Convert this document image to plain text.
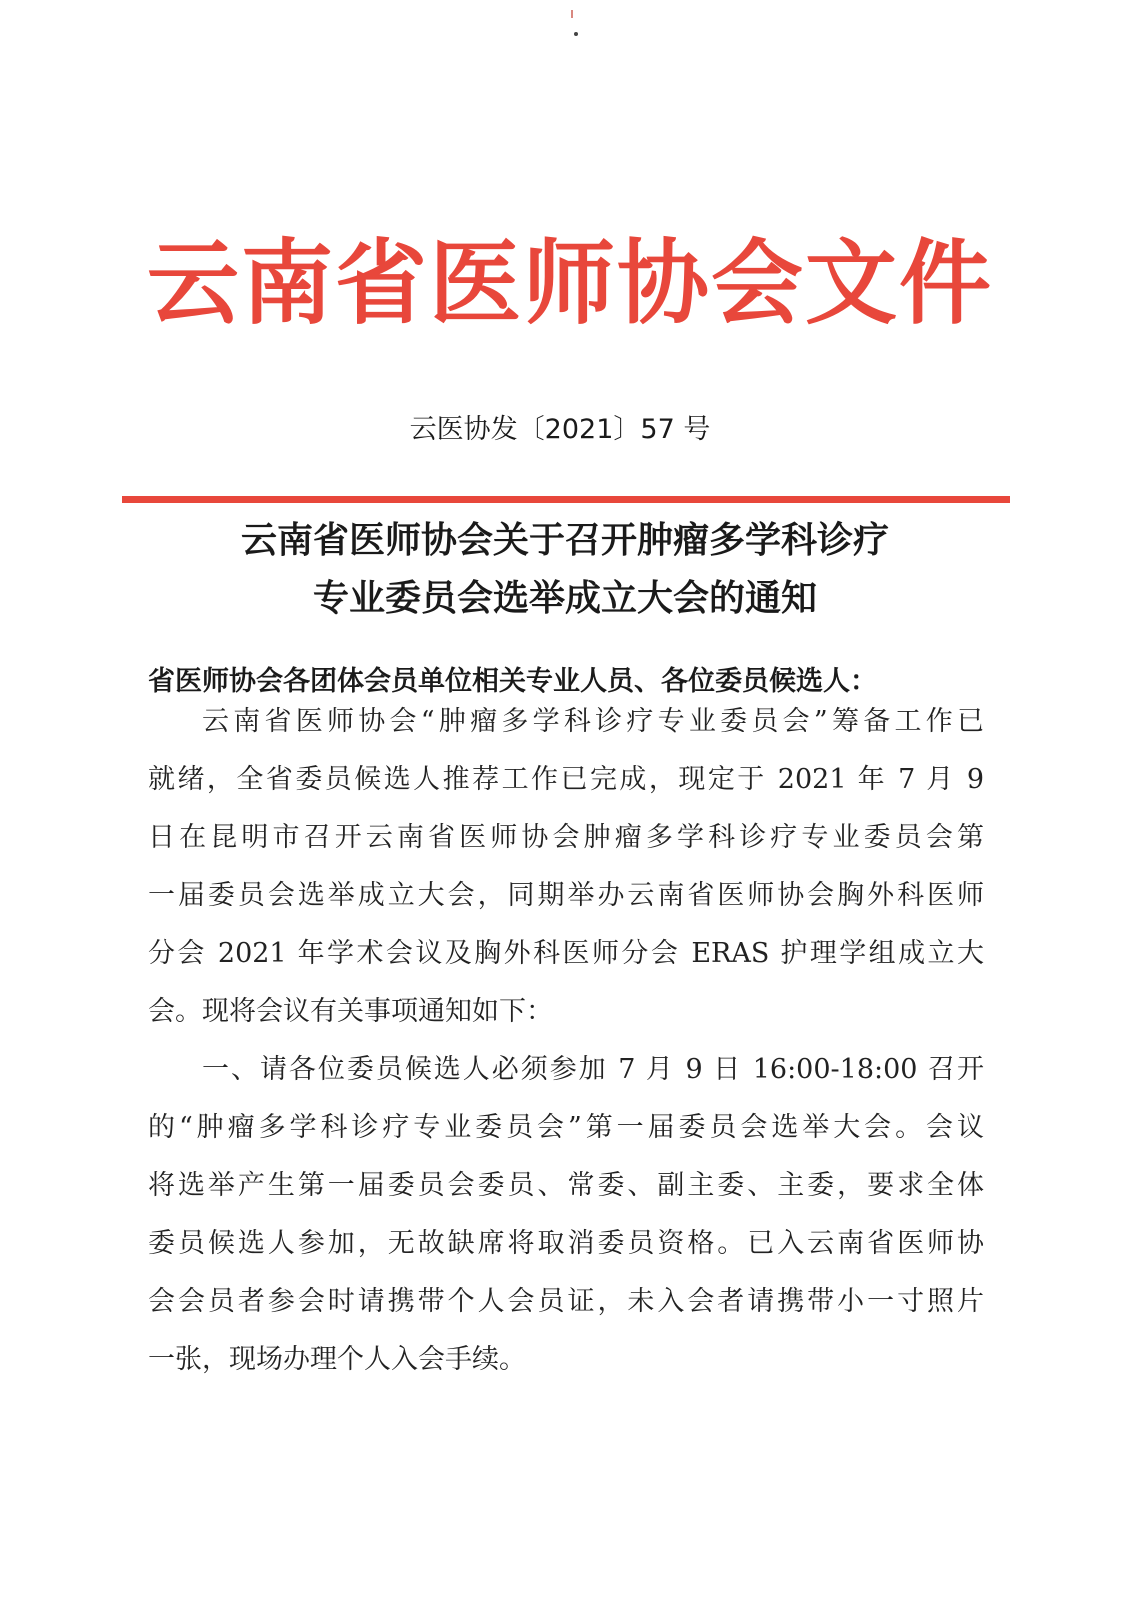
云南省医师协会文件
云医协发〔2021〕57 号
云南省医师协会关于召开肿瘤多学科诊疗
专业委员会选举成立大会的通知
省医师协会各团体会员单位相关专业人员、各位委员候选人：
云南省医师协会“肿瘤多学科诊疗专业委员会”筹备工作已
就绪，全省委员候选人推荐工作已完成，现定于 2021 年 7 月 9
日在昆明市召开云南省医师协会肿瘤多学科诊疗专业委员会第
一届委员会选举成立大会，同期举办云南省医师协会胸外科医师
分会 2021 年学术会议及胸外科医师分会 ERAS 护理学组成立大
会。现将会议有关事项通知如下：
一、请各位委员候选人必须参加 7 月 9 日 16:00-18:00 召开
的“肿瘤多学科诊疗专业委员会”第一届委员会选举大会。会议
将选举产生第一届委员会委员、常委、副主委、主委，要求全体
委员候选人参加，无故缺席将取消委员资格。已入云南省医师协
会会员者参会时请携带个人会员证，未入会者请携带小一寸照片
一张，现场办理个人入会手续。
